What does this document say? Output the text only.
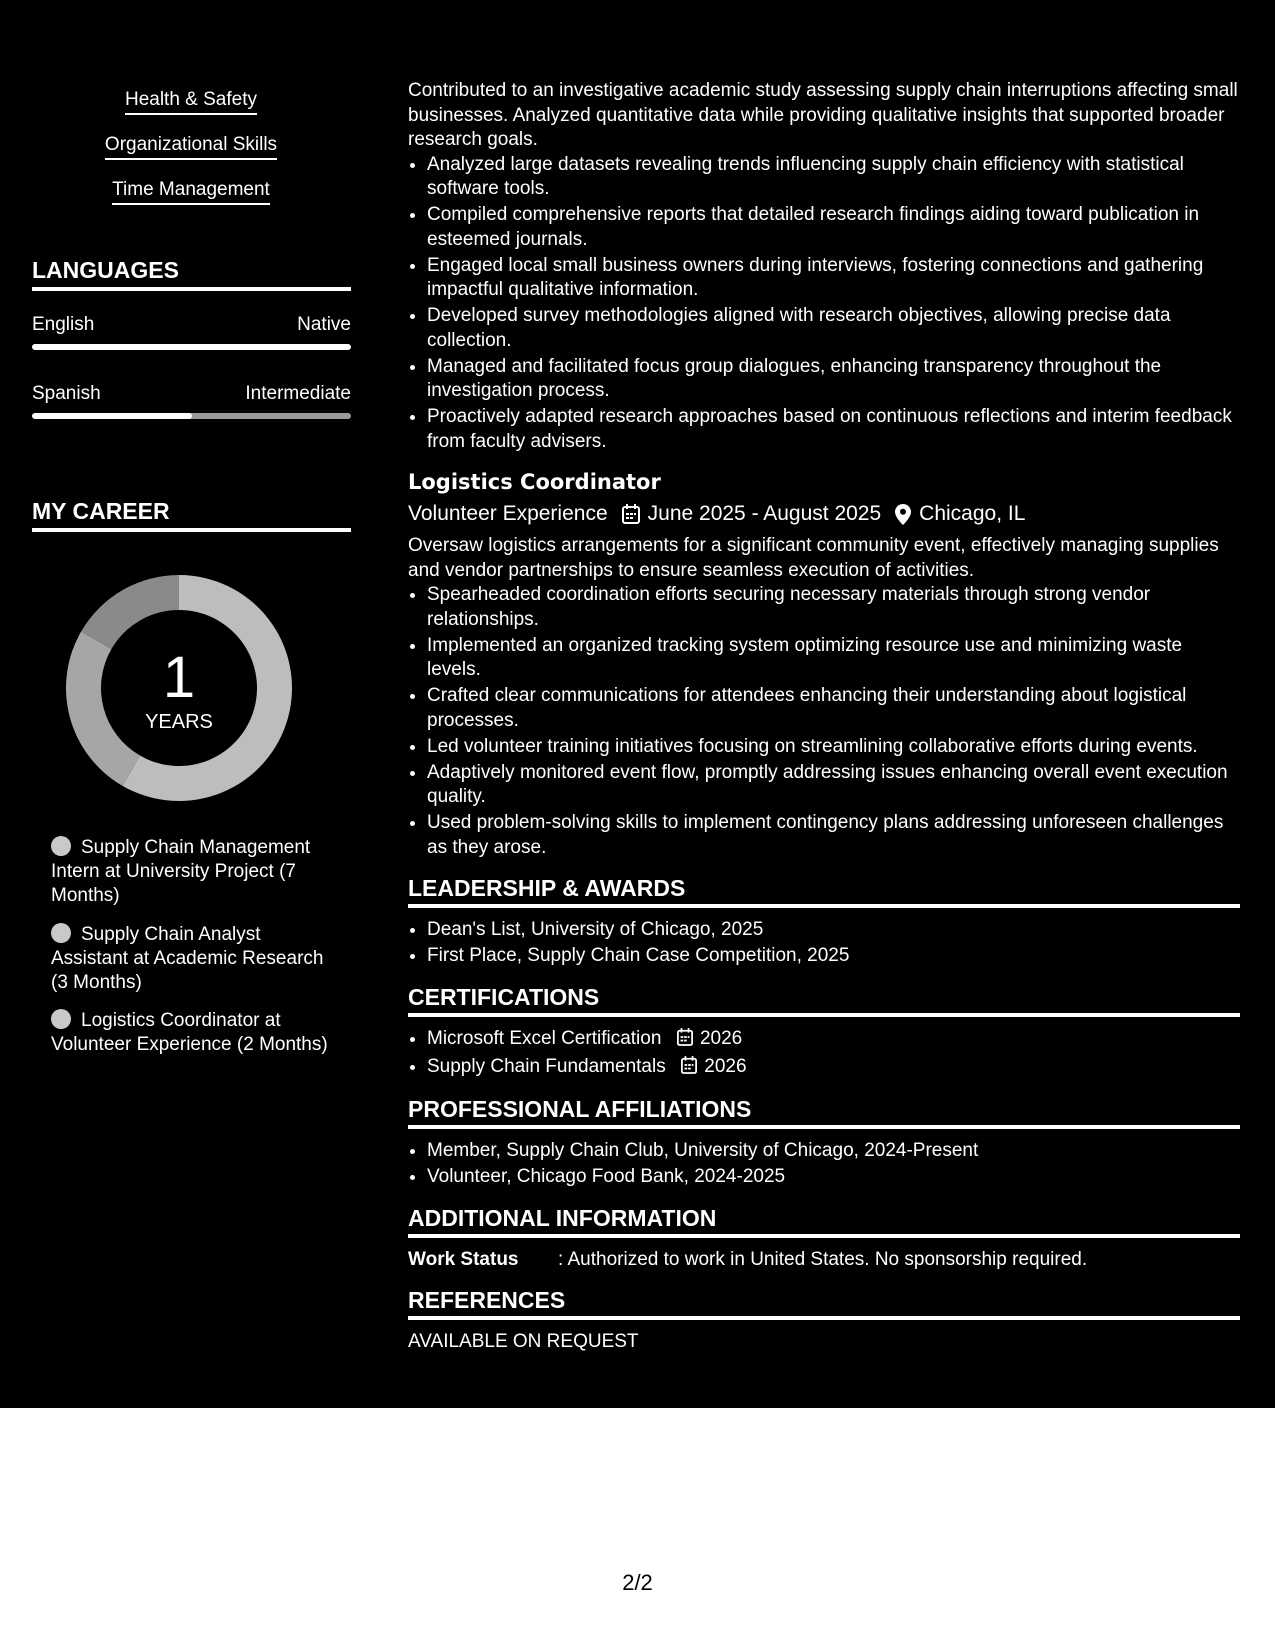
Health & Safety
Organizational Skills
Time Management
LANGUAGES
English	Native
Spanish	Intermediate
MY CAREER
1
YEARS
Supply Chain Management Intern at University Project (7 Months)
Supply Chain Analyst Assistant at Academic Research (3 Months)
Logistics Coordinator at Volunteer Experience (2 Months)

Contributed to an investigative academic study assessing supply chain interruptions affecting small businesses. Analyzed quantitative data while providing qualitative insights that supported broader research goals.

• Analyzed large datasets revealing trends influencing supply chain efficiency with statistical software tools.
• Compiled comprehensive reports that detailed research findings aiding toward publication in esteemed journals.
• Engaged local small business owners during interviews, fostering connections and gathering impactful qualitative information.
• Developed survey methodologies aligned with research objectives, allowing precise data collection.
• Managed and facilitated focus group dialogues, enhancing transparency throughout the investigation process.
• Proactively adapted research approaches based on continuous reflections and interim feedback from faculty advisers.
Logistics Coordinator
Volunteer Experience June 2025 - August 2025 Chicago, IL

Oversaw logistics arrangements for a significant community event, effectively managing supplies and vendor partnerships to ensure seamless execution of activities.

• Spearheaded coordination efforts securing necessary materials through strong vendor relationships.
• Implemented an organized tracking system optimizing resource use and minimizing waste levels.
• Crafted clear communications for attendees enhancing their understanding about logistical processes.
• Led volunteer training initiatives focusing on streamlining collaborative efforts during events.
• Adaptively monitored event flow, promptly addressing issues enhancing overall event execution quality.
• Used problem-solving skills to implement contingency plans addressing unforeseen challenges as they arose.
LEADERSHIP & AWARDS
• Dean's List, University of Chicago, 2025
• First Place, Supply Chain Case Competition, 2025
CERTIFICATIONS
• Microsoft Excel Certification 2026
• Supply Chain Fundamentals 2026
PROFESSIONAL AFFILIATIONS
• Member, Supply Chain Club, University of Chicago, 2024-Present
• Volunteer, Chicago Food Bank, 2024-2025
ADDITIONAL INFORMATION
Work Status	: Authorized to work in United States. No sponsorship required.
REFERENCES

AVAILABLE ON REQUEST

2/2
